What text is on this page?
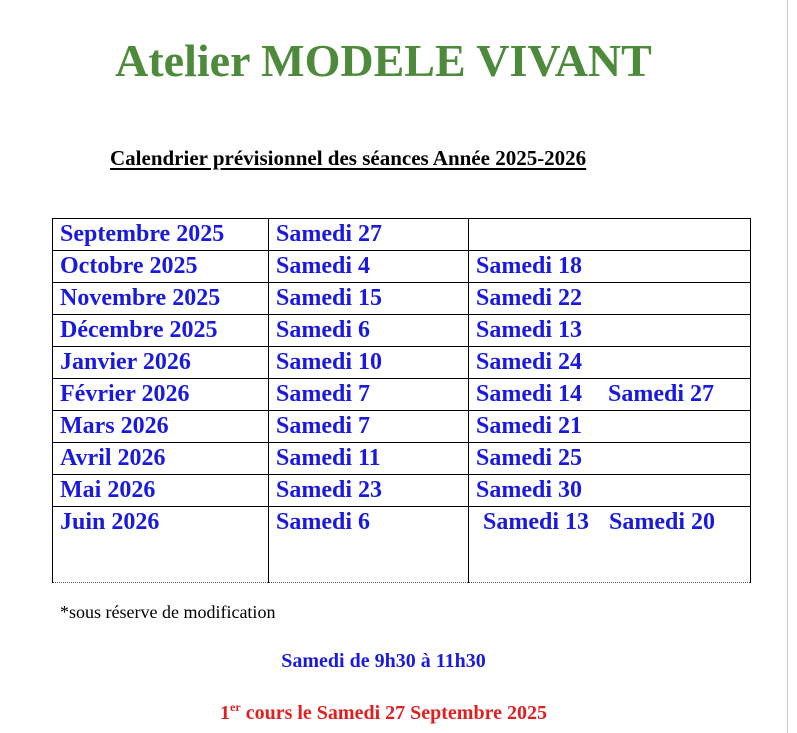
Atelier MODELE VIVANT

Calendrier prévisionnel des séances Année 2025-2026

Septembre 2025	Samedi 27	
Octobre 2025	Samedi 4	Samedi 18
Novembre 2025	Samedi 15	Samedi 22
Décembre 2025	Samedi 6	Samedi 13
Janvier 2026	Samedi 10	Samedi 24
Février 2026	Samedi 7	Samedi 14 Samedi 27
Mars 2026	Samedi 7	Samedi 21
Avril 2026	Samedi 11	Samedi 25
Mai 2026	Samedi 23	Samedi 30
Juin 2026	Samedi 6	Samedi 13 Samedi 20

*sous réserve de modification

Samedi de 9h30 à 11h30

1er cours le Samedi 27 Septembre 2025
